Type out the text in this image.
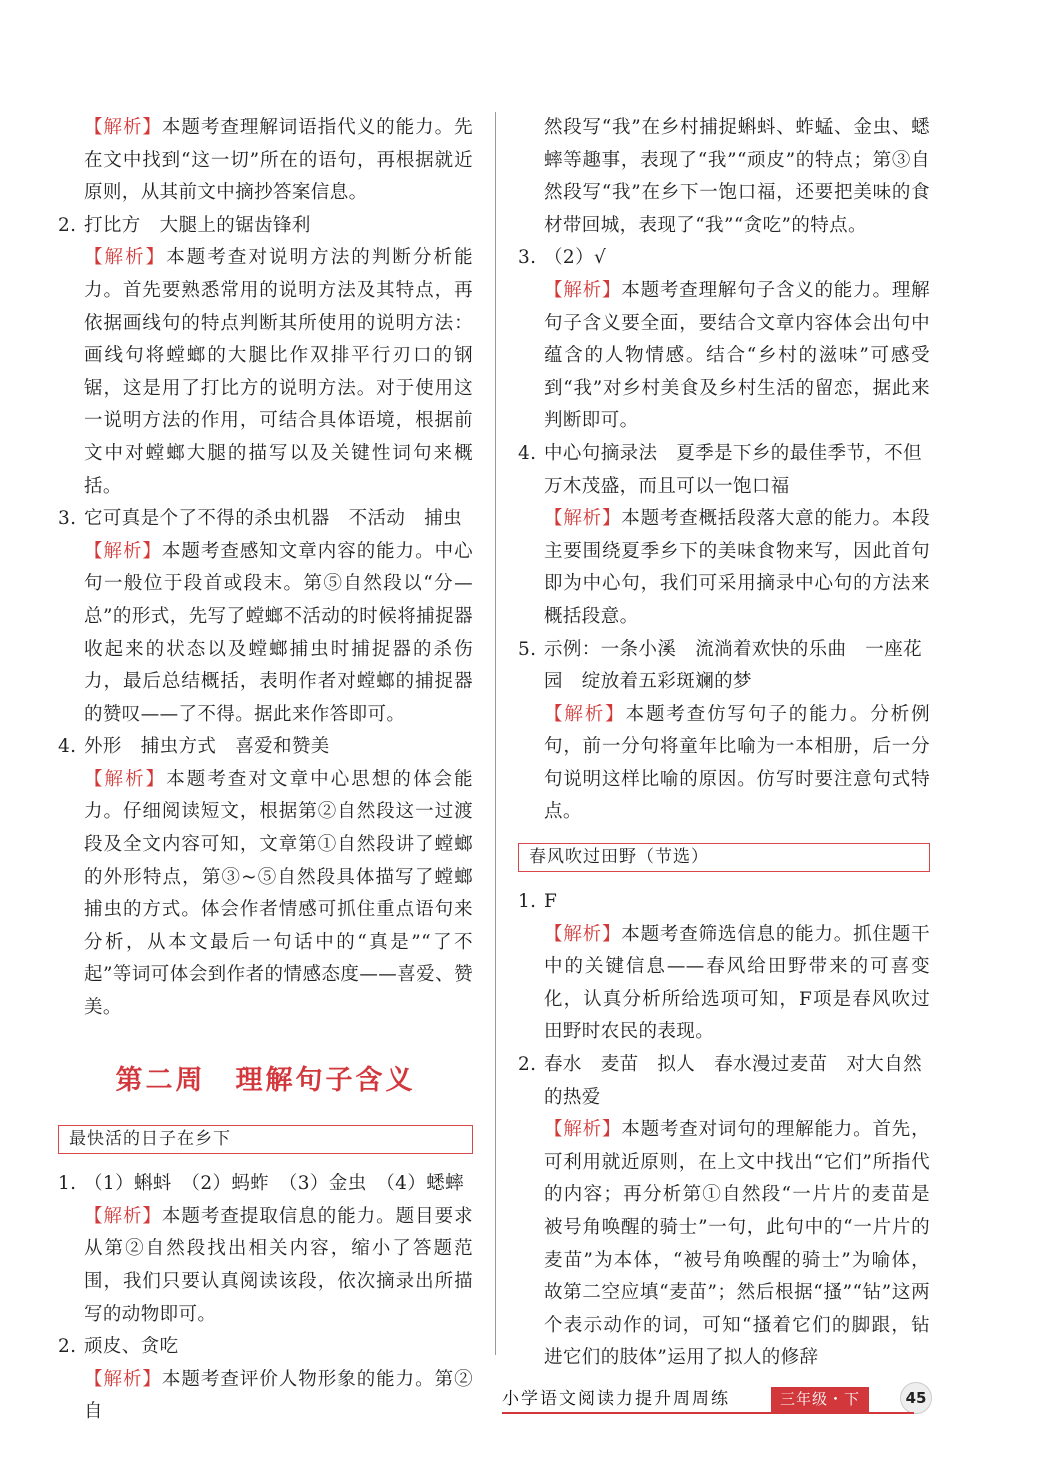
【解析】本题考查理解词语指代义的能力。先在文中找到“这一切”所在的语句，再根据就近原则，从其前文中摘抄答案信息。
2. 打比方　大腿上的锯齿锋利
【解析】本题考查对说明方法的判断分析能力。首先要熟悉常用的说明方法及其特点，再依据画线句的特点判断其所使用的说明方法：画线句将螳螂的大腿比作双排平行刃口的钢锯，这是用了打比方的说明方法。对于使用这一说明方法的作用，可结合具体语境，根据前文中对螳螂大腿的描写以及关键性词句来概括。
3. 它可真是个了不得的杀虫机器　不活动　捕虫
【解析】本题考查感知文章内容的能力。中心句一般位于段首或段末。第⑤自然段以“分—总”的形式，先写了螳螂不活动的时候将捕捉器收起来的状态以及螳螂捕虫时捕捉器的杀伤力，最后总结概括，表明作者对螳螂的捕捉器的赞叹——了不得。据此来作答即可。
4. 外形　捕虫方式　喜爱和赞美
【解析】本题考查对文章中心思想的体会能力。仔细阅读短文，根据第②自然段这一过渡段及全文内容可知，文章第①自然段讲了螳螂的外形特点，第③~⑤自然段具体描写了螳螂捕虫的方式。体会作者情感可抓住重点语句来分析，从本文最后一句话中的“真是”“了不起”等词可体会到作者的情感态度——喜爱、赞美。
第二周　理解句子含义
最快活的日子在乡下
1. （1）蝌蚪　（2）蚂蚱　（3）金虫　（4）蟋蟀
【解析】本题考查提取信息的能力。题目要求从第②自然段找出相关内容，缩小了答题范围，我们只要认真阅读该段，依次摘录出所描写的动物即可。
2. 顽皮、贪吃
【解析】本题考查评价人物形象的能力。第②自
然段写“我”在乡村捕捉蝌蚪、蚱蜢、金虫、蟋蟀等趣事，表现了“我”“顽皮”的特点；第③自然段写“我”在乡下一饱口福，还要把美味的食材带回城，表现了“我”“贪吃”的特点。
3. （2）√
【解析】本题考查理解句子含义的能力。理解句子含义要全面，要结合文章内容体会出句中蕴含的人物情感。结合“乡村的滋味”可感受到“我”对乡村美食及乡村生活的留恋，据此来判断即可。
4. 中心句摘录法　夏季是下乡的最佳季节，不但万木茂盛，而且可以一饱口福
【解析】本题考查概括段落大意的能力。本段主要围绕夏季乡下的美味食物来写，因此首句即为中心句，我们可采用摘录中心句的方法来概括段意。
5. 示例：一条小溪　流淌着欢快的乐曲　一座花园　绽放着五彩斑斓的梦
【解析】本题考查仿写句子的能力。分析例句，前一分句将童年比喻为一本相册，后一分句说明这样比喻的原因。仿写时要注意句式特点。
春风吹过田野（节选）
1. F
【解析】本题考查筛选信息的能力。抓住题干中的关键信息——春风给田野带来的可喜变化，认真分析所给选项可知，F项是春风吹过田野时农民的表现。
2. 春水　麦苗　拟人　春水漫过麦苗　对大自然的热爱
【解析】本题考查对词句的理解能力。首先，可利用就近原则，在上文中找出“它们”所指代的内容；再分析第①自然段“一片片的麦苗是被号角唤醒的骑士”一句，此句中的“一片片的麦苗”为本体，“被号角唤醒的骑士”为喻体，故第二空应填“麦苗”；然后根据“搔”“钻”这两个表示动作的词，可知“搔着它们的脚跟，钻进它们的肢体”运用了拟人的修辞
小学语文阅读力提升周周练	三年级・下	45
